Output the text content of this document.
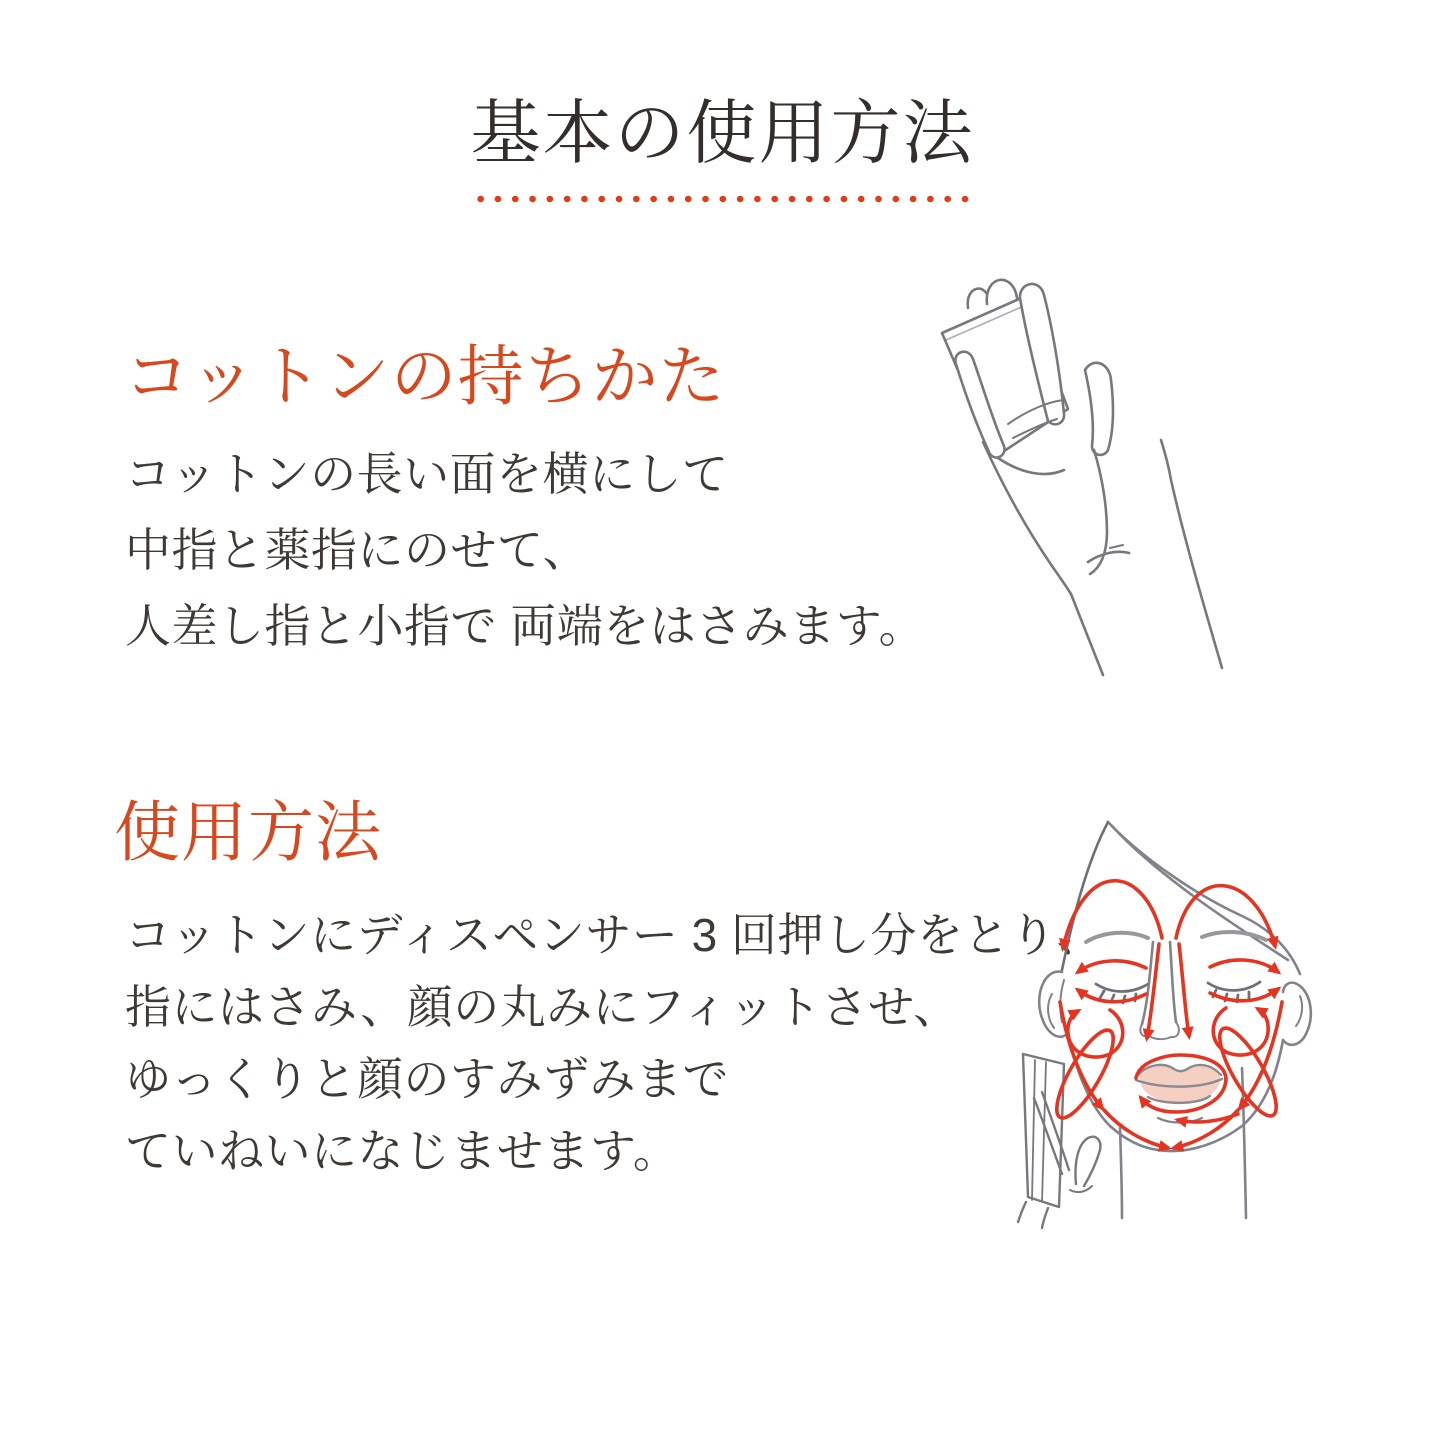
基本の使用方法
コットンの持ちかた
コットンの長い面を横にして
中指と薬指にのせて、
人差し指と小指で 両端をはさみます。
使用方法
コットンにディスペンサー 3 回押し分をとり、
指にはさみ、顔の丸みにフィットさせ、
ゆっくりと顔のすみずみまで
ていねいになじませます。
